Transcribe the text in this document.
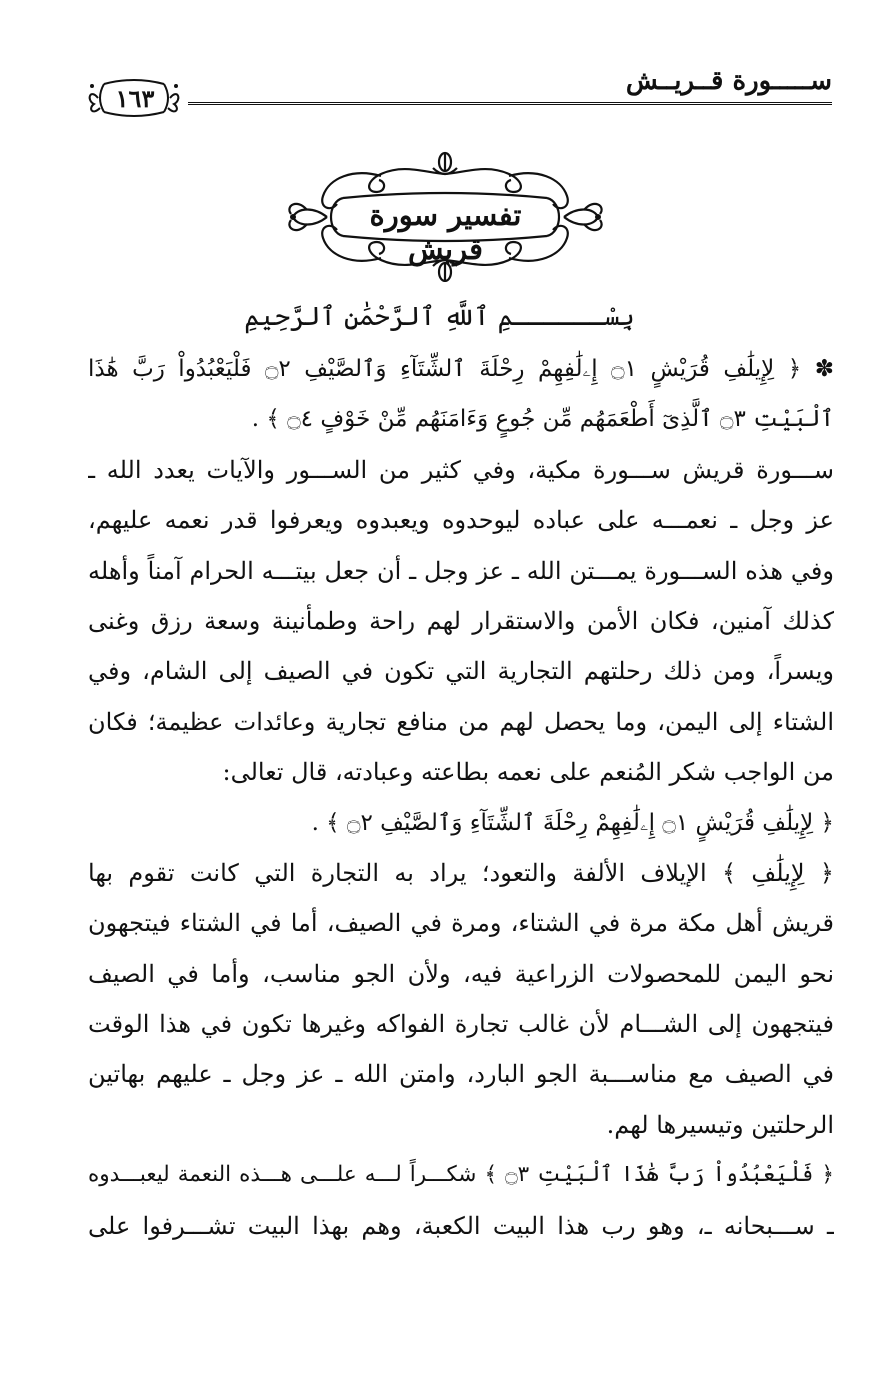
ســـــورة قــريــش
١٦٣
تفسير سورة قريش
بِسْــــــمِ ٱللَّهِ ٱلرَّحْمَٰنِ ٱلرَّحِيمِ
✽ ﴿ لِإِيلَٰفِ قُرَيْشٍ ۝١ إِۦلَٰفِهِمْ رِحْلَةَ ٱلشِّتَآءِ وَٱلصَّيْفِ ۝٢ فَلْيَعْبُدُواْ رَبَّ هَٰذَا
ٱلْبَيْتِ ۝٣ ٱلَّذِىٓ أَطْعَمَهُم مِّن جُوعٍ وَءَامَنَهُم مِّنْ خَوْفٍ ۝٤ ﴾ .
ســـورة قريش ســـورة مكية، وفي كثير من الســـور والآيات يعدد الله ـ
عز وجل ـ نعمـــه على عباده ليوحدوه ويعبدوه ويعرفوا قدر نعمه عليهم،
وفي هذه الســـورة يمـــتن الله ـ عز وجل ـ أن جعل بيتـــه الحرام آمناً وأهله
كذلك آمنين، فكان الأمن والاستقرار لهم راحة وطمأنينة وسعة رزق وغنى
ويسراً، ومن ذلك رحلتهم التجارية التي تكون في الصيف إلى الشام، وفي
الشتاء إلى اليمن، وما يحصل لهم من منافع تجارية وعائدات عظيمة؛ فكان
من الواجب شكر المُنعم على نعمه بطاعته وعبادته، قال تعالى:
﴿ لِإِيلَٰفِ قُرَيْشٍ ۝١ إِۦلَٰفِهِمْ رِحْلَةَ ٱلشِّتَآءِ وَٱلصَّيْفِ ۝٢ ﴾ .
﴿ لِإِيلَٰفِ ﴾ الإيلاف الألفة والتعود؛ يراد به التجارة التي كانت تقوم بها
قريش أهل مكة مرة في الشتاء، ومرة في الصيف، أما في الشتاء فيتجهون
نحو اليمن للمحصولات الزراعية فيه، ولأن الجو مناسب، وأما في الصيف
فيتجهون إلى الشـــام لأن غالب تجارة الفواكه وغيرها تكون في هذا الوقت
في الصيف مع مناســـبة الجو البارد، وامتن الله ـ عز وجل ـ عليهم بهاتين
الرحلتين وتيسيرها لهم.
﴿ فَلْيَعْبُدُواْ رَبَّ هَٰذَا ٱلْبَيْتِ ۝٣ ﴾ شكـــراً لـــه علـــى هـــذه النعمة ليعبـــدوه
ـ ســـبحانه ـ، وهو رب هذا البيت الكعبة، وهم بهذا البيت تشـــرفوا على
